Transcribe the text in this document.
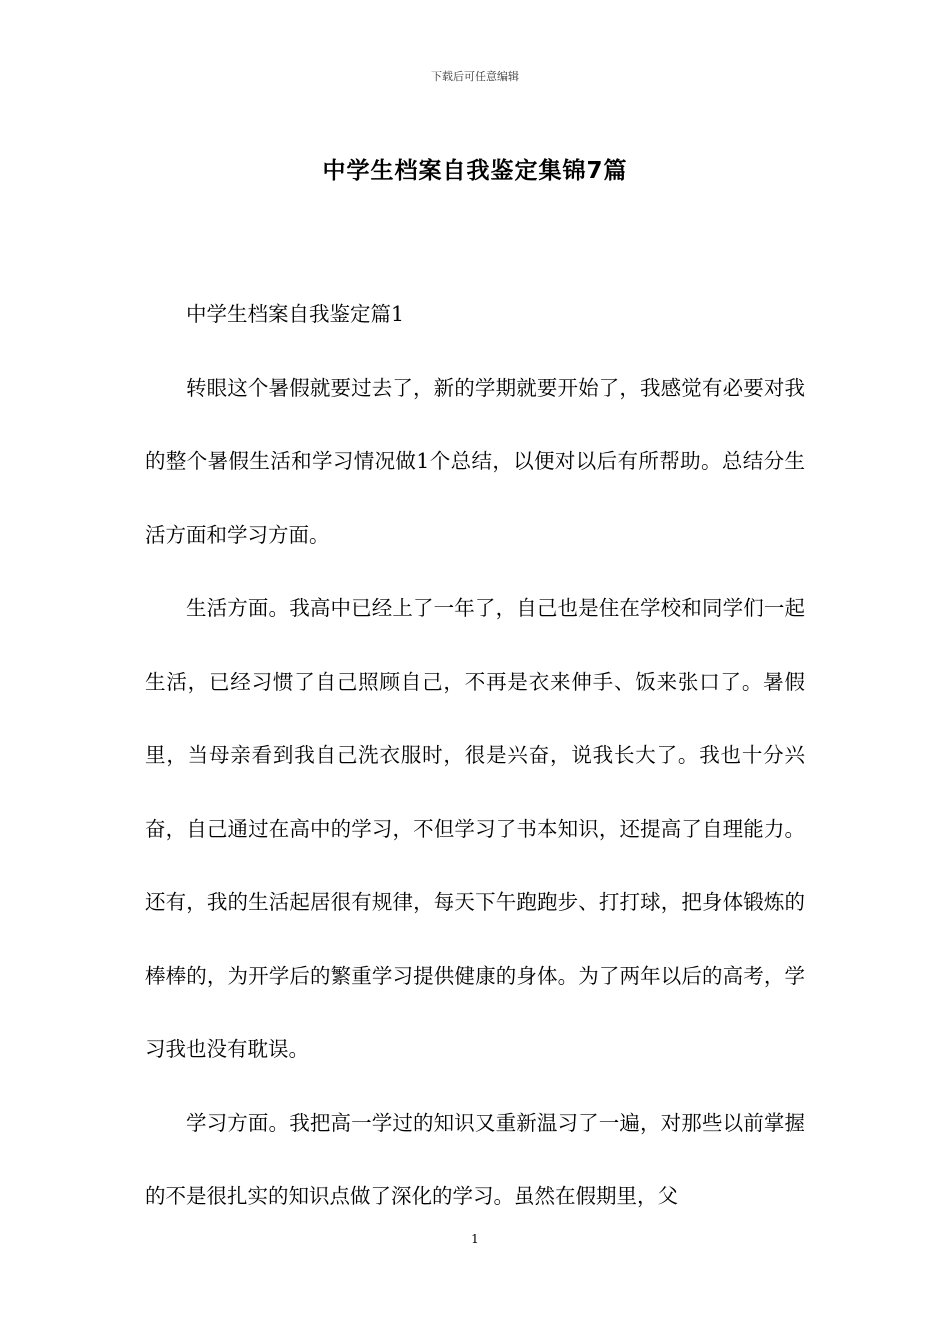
下载后可任意编辑
中学生档案自我鉴定集锦7篇

中学生档案自我鉴定篇1

转眼这个暑假就要过去了，新的学期就要开始了，我感觉有必要对我的整个暑假生活和学习情况做1个总结，以便对以后有所帮助。总结分生活方面和学习方面。

生活方面。我高中已经上了一年了，自己也是住在学校和同学们一起生活，已经习惯了自己照顾自己，不再是衣来伸手、饭来张口了。暑假里，当母亲看到我自己洗衣服时，很是兴奋，说我长大了。我也十分兴奋，自己通过在高中的学习，不但学习了书本知识，还提高了自理能力。还有，我的生活起居很有规律，每天下午跑跑步、打打球，把身体锻炼的棒棒的，为开学后的繁重学习提供健康的身体。为了两年以后的高考，学习我也没有耽误。

学习方面。我把高一学过的知识又重新温习了一遍，对那些以前掌握的不是很扎实的知识点做了深化的学习。虽然在假期里，父

1
